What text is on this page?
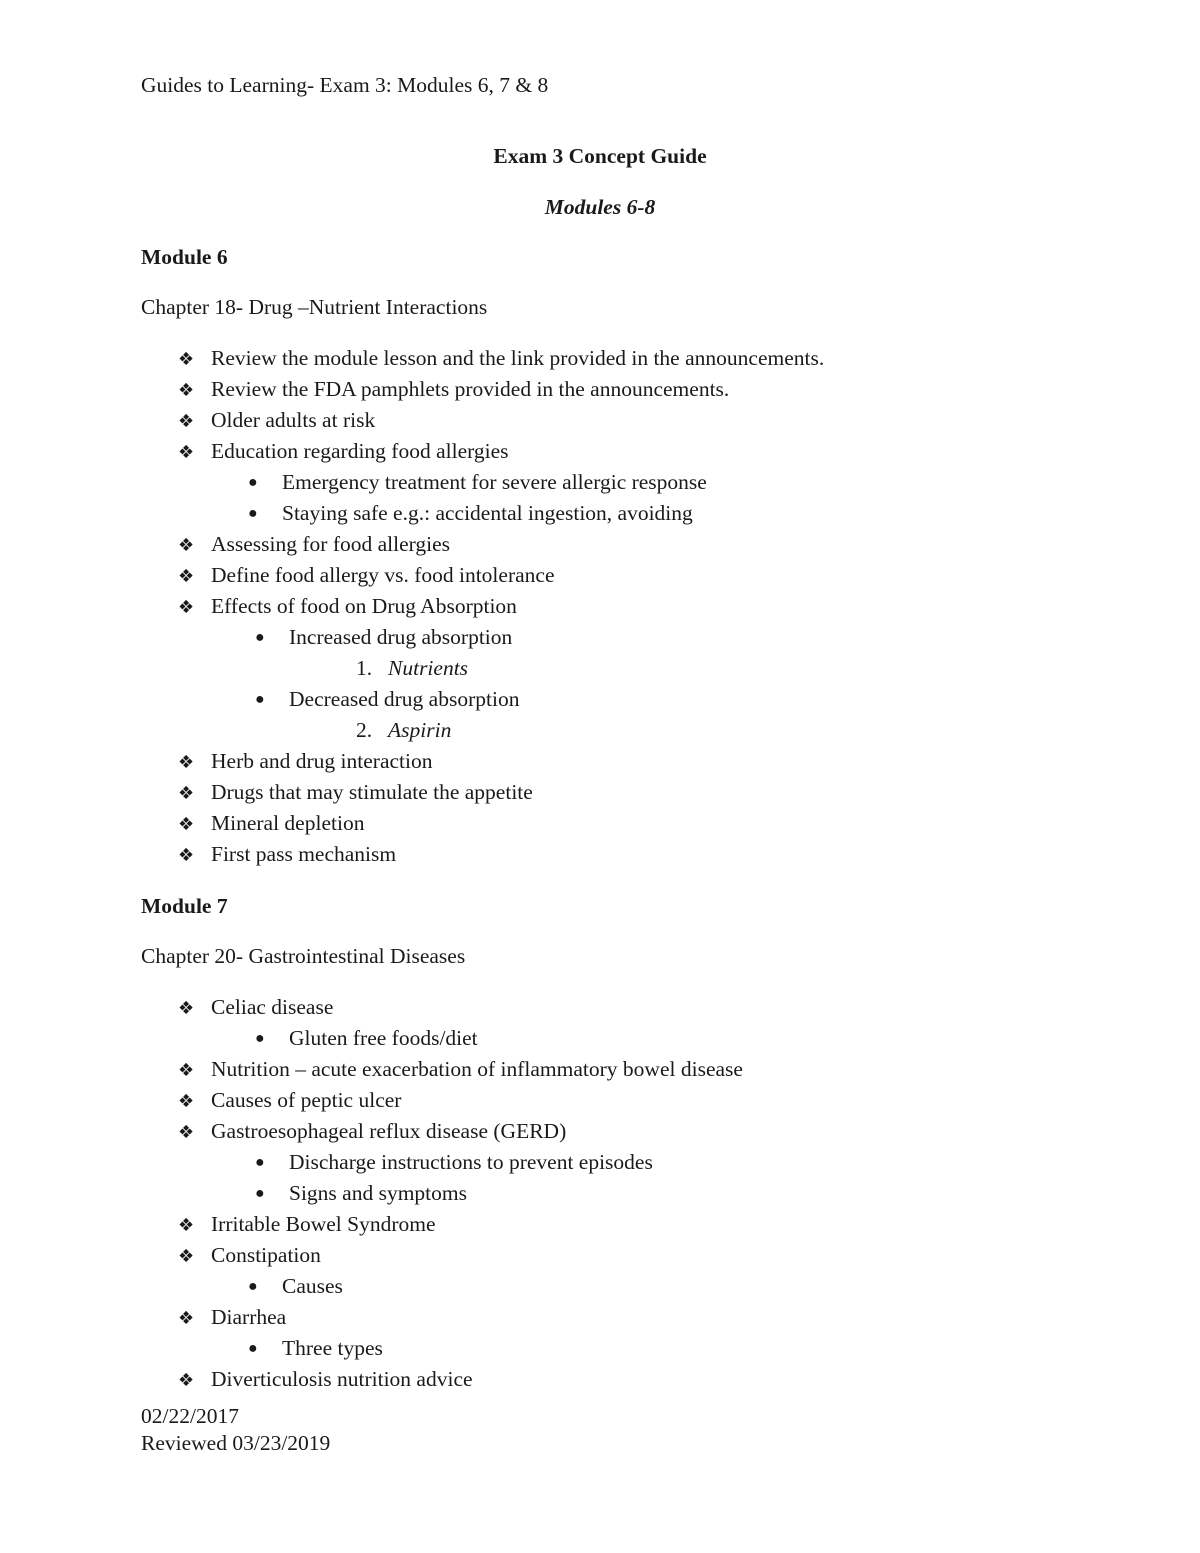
Guides to Learning- Exam 3: Modules 6, 7 & 8
Exam 3 Concept Guide
Modules 6-8
Module 6
Chapter 18- Drug –Nutrient Interactions
❖ Review the module lesson and the link provided in the announcements.
❖ Review the FDA pamphlets provided in the announcements.
❖ Older adults at risk
❖ Education regarding food allergies
● Emergency treatment for severe allergic response
● Staying safe e.g.: accidental ingestion, avoiding
❖ Assessing for food allergies
❖ Define food allergy vs. food intolerance
❖ Effects of food on Drug Absorption
● Increased drug absorption
1. Nutrients
● Decreased drug absorption
2. Aspirin
❖ Herb and drug interaction
❖ Drugs that may stimulate the appetite
❖ Mineral depletion
❖ First pass mechanism
Module 7
Chapter 20- Gastrointestinal Diseases
❖ Celiac disease
● Gluten free foods/diet
❖ Nutrition – acute exacerbation of inflammatory bowel disease
❖ Causes of peptic ulcer
❖ Gastroesophageal reflux disease (GERD)
● Discharge instructions to prevent episodes
● Signs and symptoms
❖ Irritable Bowel Syndrome
❖ Constipation
● Causes
❖ Diarrhea
● Three types
❖ Diverticulosis nutrition advice
02/22/2017
Reviewed 03/23/2019
